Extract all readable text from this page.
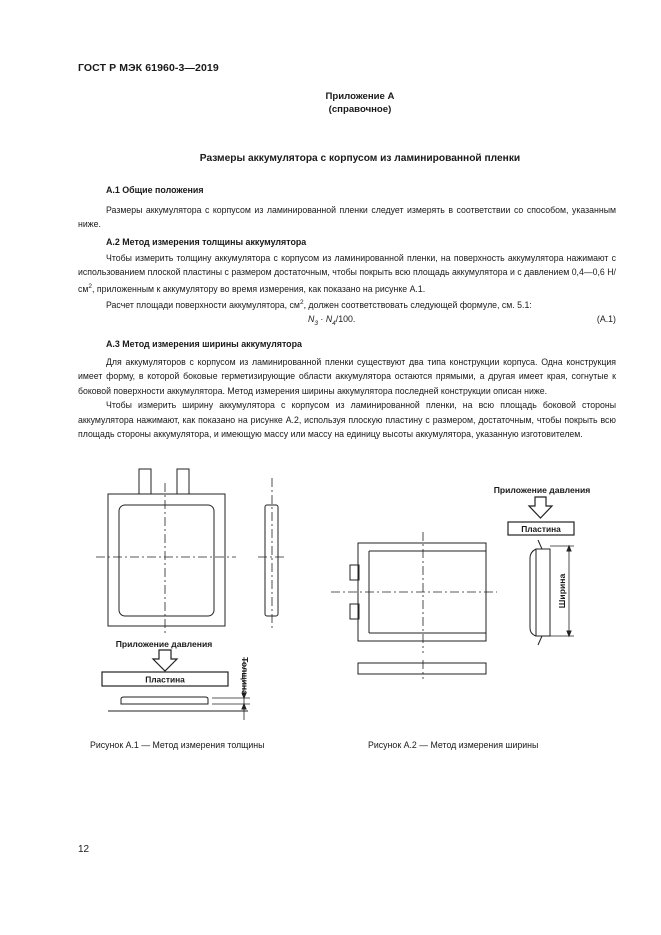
ГОСТ Р МЭК 61960-3—2019
Приложение А
(справочное)
Размеры аккумулятора с корпусом из ламинированной пленки
А.1 Общие положения

Размеры аккумулятора с корпусом из ламинированной пленки следует измерять в соответствии со способом, указанным ниже.

А.2 Метод измерения толщины аккумулятора

Чтобы измерить толщину аккумулятора с корпусом из ламинированной пленки, на поверхность аккумулятора нажимают с использованием плоской пластины с размером достаточным, чтобы покрыть всю площадь аккумулятора и с давлением 0,4—0,6 $Н/см^2$, приложенным к аккумулятору во время измерения, как показано на рисунке А.1.

Расчет площади поверхности аккумулятора, $см^2$, должен соответствовать следующей формуле, см. 5.1:

$N_3 \cdot N_4/100$.	(А.1)
А.3 Метод измерения ширины аккумулятора

Для аккумуляторов с корпусом из ламинированной пленки существуют два типа конструкции корпуса. Одна конструкция имеет форму, в которой боковые герметизирующие области аккумулятора остаются прямыми, а другая имеет края, согнутые к боковой поверхности аккумулятора. Метод измерения ширины аккумулятора последней конструкции описан ниже.

Чтобы измерить ширину аккумулятора с корпусом из ламинированной пленки, на всю площадь боковой стороны аккумулятора нажимают, как показано на рисунке А.2, используя плоскую пластину с размером, достаточным, чтобы покрыть всю площадь стороны аккумулятора, и имеющую массу или массу на единицу высоты аккумулятора, указанную изготовителем.

Приложение давления
Пластина	Толщина
Приложение давления
Пластина
Ширина
Рисунок А.1 — Метод измерения толщины	Рисунок А.2 — Метод измерения ширины
12
